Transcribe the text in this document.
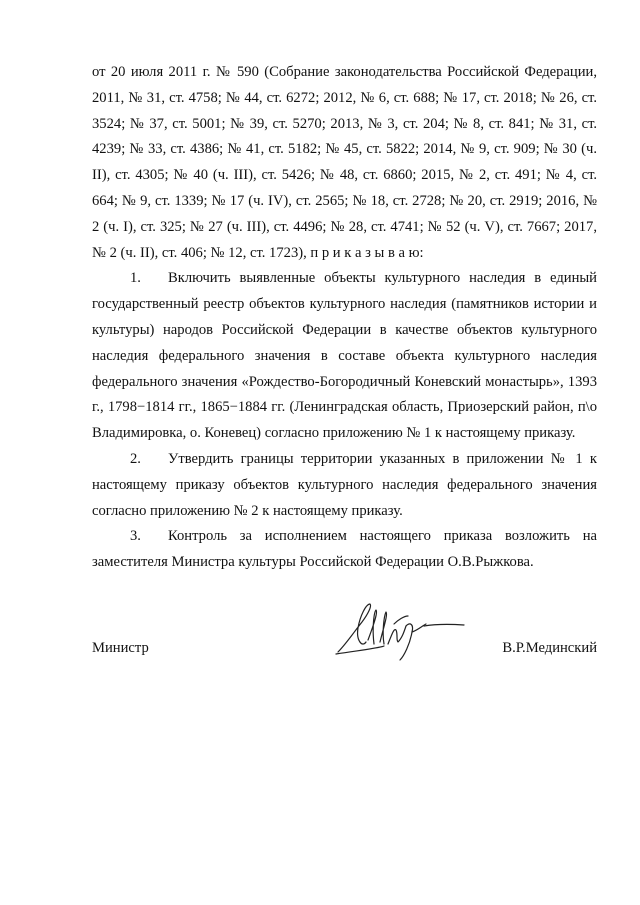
от 20 июля 2011 г. № 590 (Собрание законодательства Российской Федерации, 2011, № 31, ст. 4758; № 44, ст. 6272; 2012, № 6, ст. 688; № 17, ст. 2018; № 26, ст. 3524; № 37, ст. 5001; № 39, ст. 5270; 2013, № 3, ст. 204; № 8, ст. 841; № 31, ст. 4239; № 33, ст. 4386; № 41, ст. 5182; № 45, ст. 5822; 2014, № 9, ст. 909; № 30 (ч. II), ст. 4305; № 40 (ч. III), ст. 5426; № 48, ст. 6860; 2015, № 2, ст. 491; № 4, ст. 664; № 9, ст. 1339; № 17 (ч. IV), ст. 2565; № 18, ст. 2728; № 20, ст. 2919; 2016, № 2 (ч. I), ст. 325; № 27 (ч. III), ст. 4496; № 28, ст. 4741; № 52 (ч. V), ст. 7667; 2017, № 2 (ч. II), ст. 406; № 12, ст. 1723), п р и к а з ы в а ю:

1. Включить выявленные объекты культурного наследия в единый государственный реестр объектов культурного наследия (памятников истории и культуры) народов Российской Федерации в качестве объектов культурного наследия федерального значения в составе объекта культурного наследия федерального значения «Рождество-Богородичный Коневский монастырь», 1393 г., 1798−1814 гг., 1865−1884 гг. (Ленинградская область, Приозерский район, п\о Владимировка, о. Коневец) согласно приложению № 1 к настоящему приказу.

2. Утвердить границы территории указанных в приложении № 1 к настоящему приказу объектов культурного наследия федерального значения согласно приложению № 2 к настоящему приказу.

3. Контроль за исполнением настоящего приказа возложить на заместителя Министра культуры Российской Федерации О.В.Рыжкова.

Министр	В.Р.Мединский
